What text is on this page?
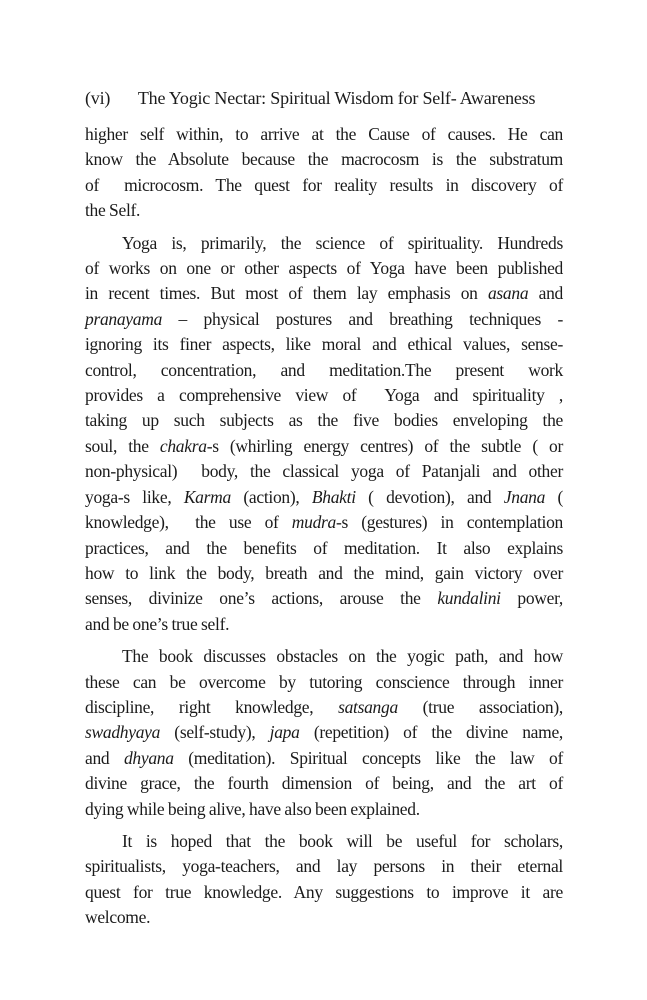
(vi)	The Yogic Nectar: Spiritual Wisdom for Self- Awareness
higher self within, to arrive at the Cause of causes. He can
know the Absolute because the macrocosm is the substratum
of  microcosm. The quest for reality results in discovery of
the Self.
Yoga is, primarily, the science of spirituality. Hundreds
of works on one or other aspects of Yoga have been published
in recent times. But most of them lay emphasis on asana and
pranayama – physical postures and breathing techniques -
ignoring its finer aspects, like moral and ethical values, sense-
control, concentration, and meditation.The present work
provides a comprehensive view of  Yoga and spirituality ,
taking up such subjects as the five bodies enveloping the
soul, the chakra-s (whirling energy centres) of the subtle ( or
non-physical)  body, the classical yoga of Patanjali and other
yoga-s like, Karma (action), Bhakti ( devotion), and Jnana (
knowledge),  the use of mudra-s (gestures) in contemplation
practices, and the benefits of meditation. It also explains
how to link the body, breath and the mind, gain victory over
senses, divinize one’s actions, arouse the kundalini power,
and be one’s true self.
The book discusses obstacles on the yogic path, and how
these can be overcome by tutoring conscience through inner
discipline, right knowledge, satsanga (true association),
swadhyaya (self-study), japa (repetition) of the divine name,
and dhyana (meditation). Spiritual concepts like the law of
divine grace, the fourth dimension of being, and the art of
dying while being alive, have also been explained.
It is hoped that the book will be useful for scholars,
spiritualists, yoga-teachers, and lay persons in their eternal
quest for true knowledge. Any suggestions to improve it are
welcome.
